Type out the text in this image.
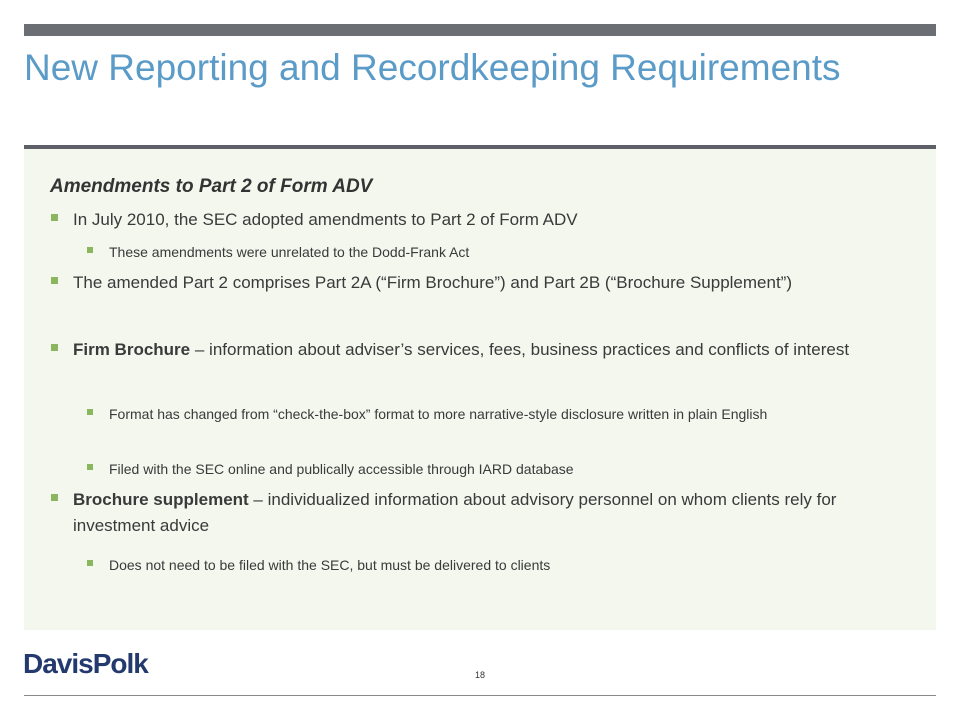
New Reporting and Recordkeeping Requirements
Amendments to Part 2 of Form ADV
In July 2010, the SEC adopted amendments to Part 2 of Form ADV
These amendments were unrelated to the Dodd-Frank Act
The amended Part 2 comprises Part 2A (“Firm Brochure”) and Part 2B (“Brochure Supplement”)
Firm Brochure – information about adviser’s services, fees, business practices and conflicts of interest
Format has changed from “check-the-box” format to more narrative-style disclosure written in plain English
Filed with the SEC online and publically accessible through IARD database
Brochure supplement – individualized information about advisory personnel on whom clients rely for investment advice
Does not need to be filed with the SEC, but must be delivered to clients
DavisPolk	18
